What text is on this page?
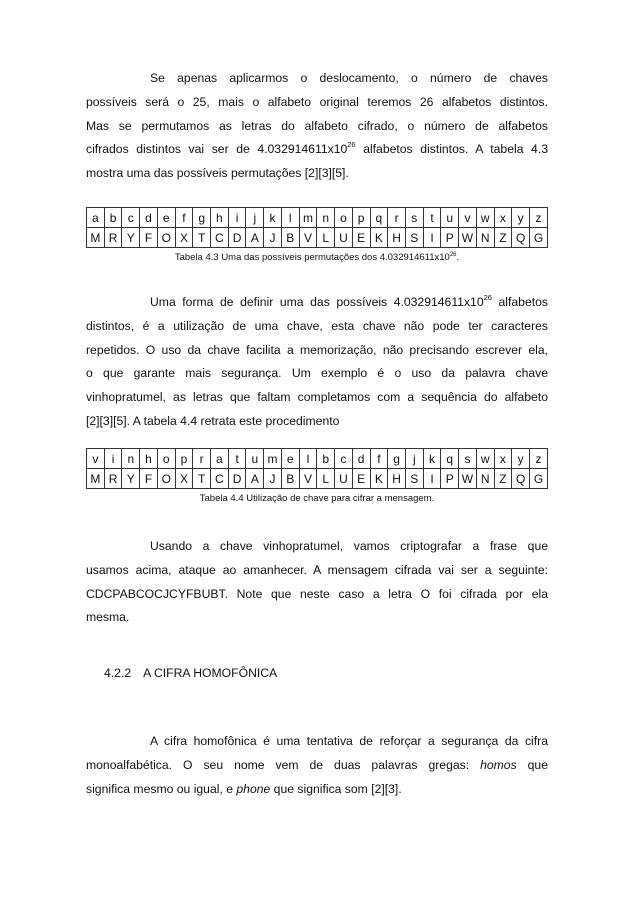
Se apenas aplicarmos o deslocamento, o número de chaves

possíveis será o 25, mais o alfabeto original teremos 26 alfabetos distintos.

Mas se permutamos as letras do alfabeto cifrado, o número de alfabetos

cifrados distintos vai ser de $4.032914611x10^{26}$ alfabetos distintos. A tabela 4.3

mostra uma das possíveis permutações [2][3][5].

a	b	c	d	e	f	g	h	i	j	k	l	m	n	o	p	q	r	s	t	u	v	w	x	y	z
M	R	Y	F	O	X	T	C	D	A	J	B	V	L	U	E	K	H	S	I	P	W	N	Z	Q	G
Tabela 4.3 Uma das possíveis permutações dos $4.032914611x10^{26}$.

Uma forma de definir uma das possíveis $4.032914611x10^{26}$ alfabetos

distintos, é a utilização de uma chave, esta chave não pode ter caracteres

repetidos. O uso da chave facilita a memorização, não precisando escrever ela,

o que garante mais segurança. Um exemplo é o uso da palavra chave

vinhopratumel, as letras que faltam completamos com a sequência do alfabeto

[2][3][5]. A tabela 4.4 retrata este procedimento

v	i	n	h	o	p	r	a	t	u	m	e	l	b	c	d	f	g	j	k	q	s	w	x	y	z
M	R	Y	F	O	X	T	C	D	A	J	B	V	L	U	E	K	H	S	I	P	W	N	Z	Q	G
Tabela 4.4 Utilização de chave para cifrar a mensagem.

Usando a chave vinhopratumel, vamos criptografar a frase que

usamos acima, ataque ao amanhecer. A mensagem cifrada vai ser a seguinte:

CDCPABCOCJCYFBUBT. Note que neste caso a letra O foi cifrada por ela

mesma.

4.2.2 A CIFRA HOMOFÔNICA

A cifra homofônica é uma tentativa de reforçar a segurança da cifra

monoalfabética. O seu nome vem de duas palavras gregas: homos que

significa mesmo ou igual, e phone que significa som [2][3].
